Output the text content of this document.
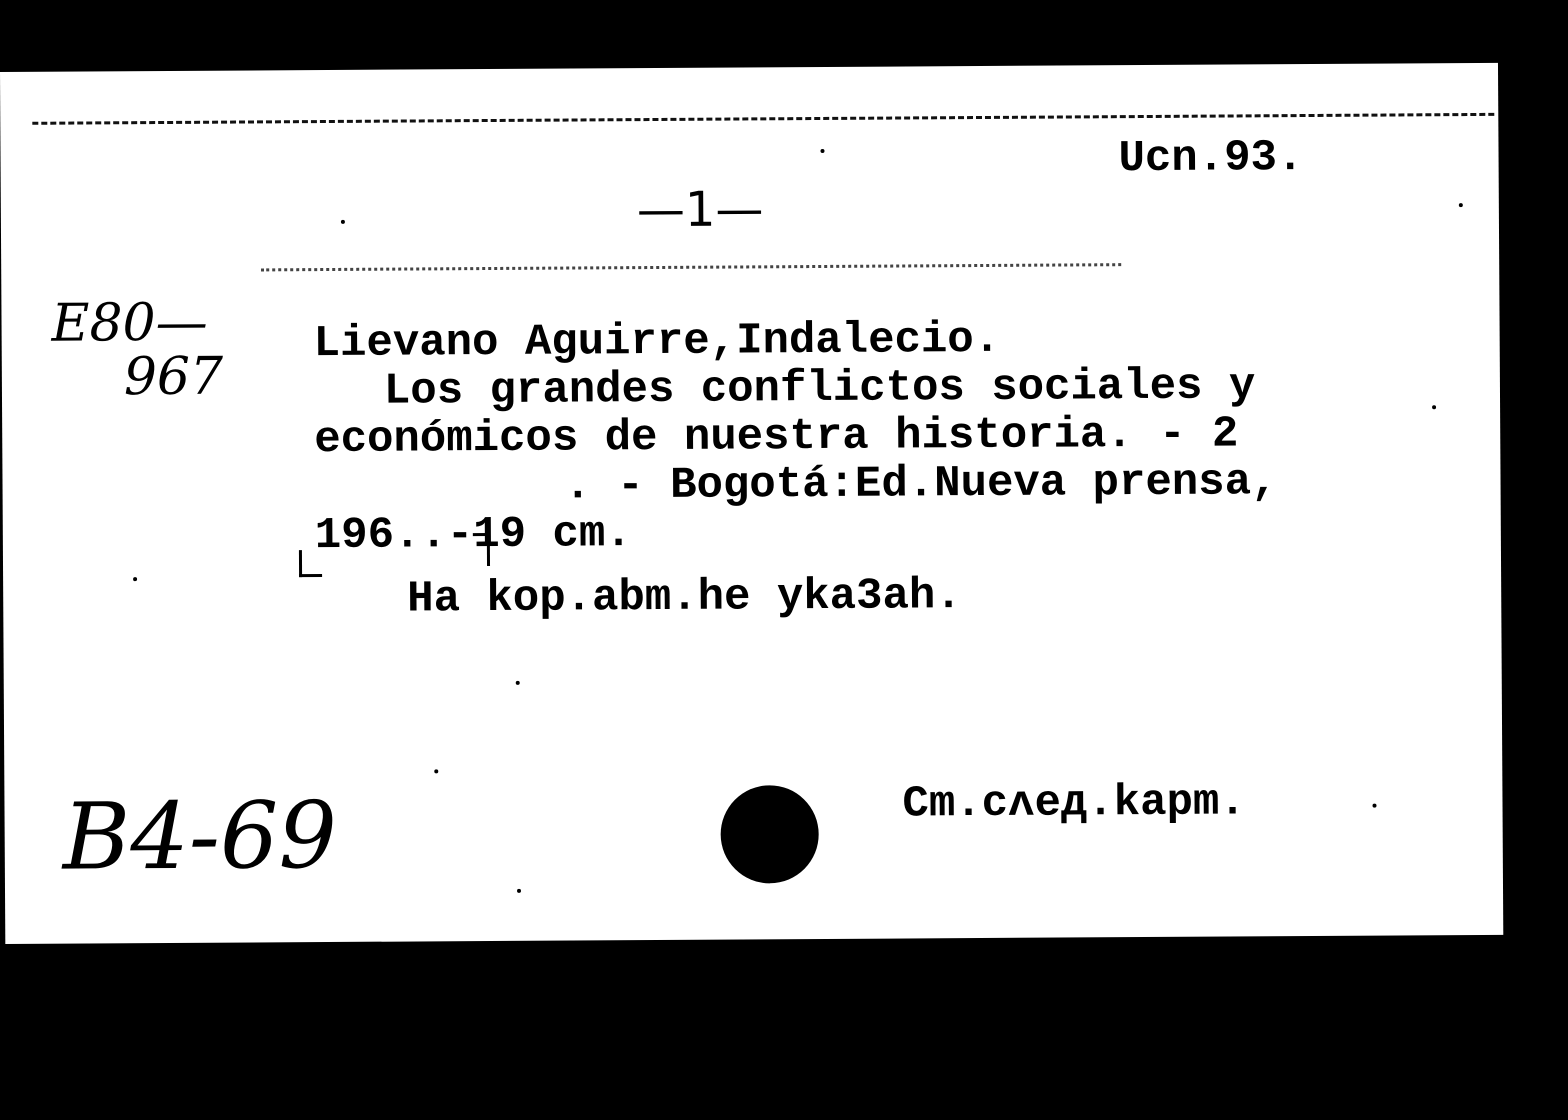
Ucn.93.
—1—
E80—
967
Lievano Aguirre,Indalecio.
Los grandes conflictos sociales y
económicos de nuestra historia. - 2
. - Bogotá:Ed.Nueva prensa,
196..-19 cm.
Ha kop.abm.he yka3ah.
Cm.cʌeд.kapm.
B4-69
